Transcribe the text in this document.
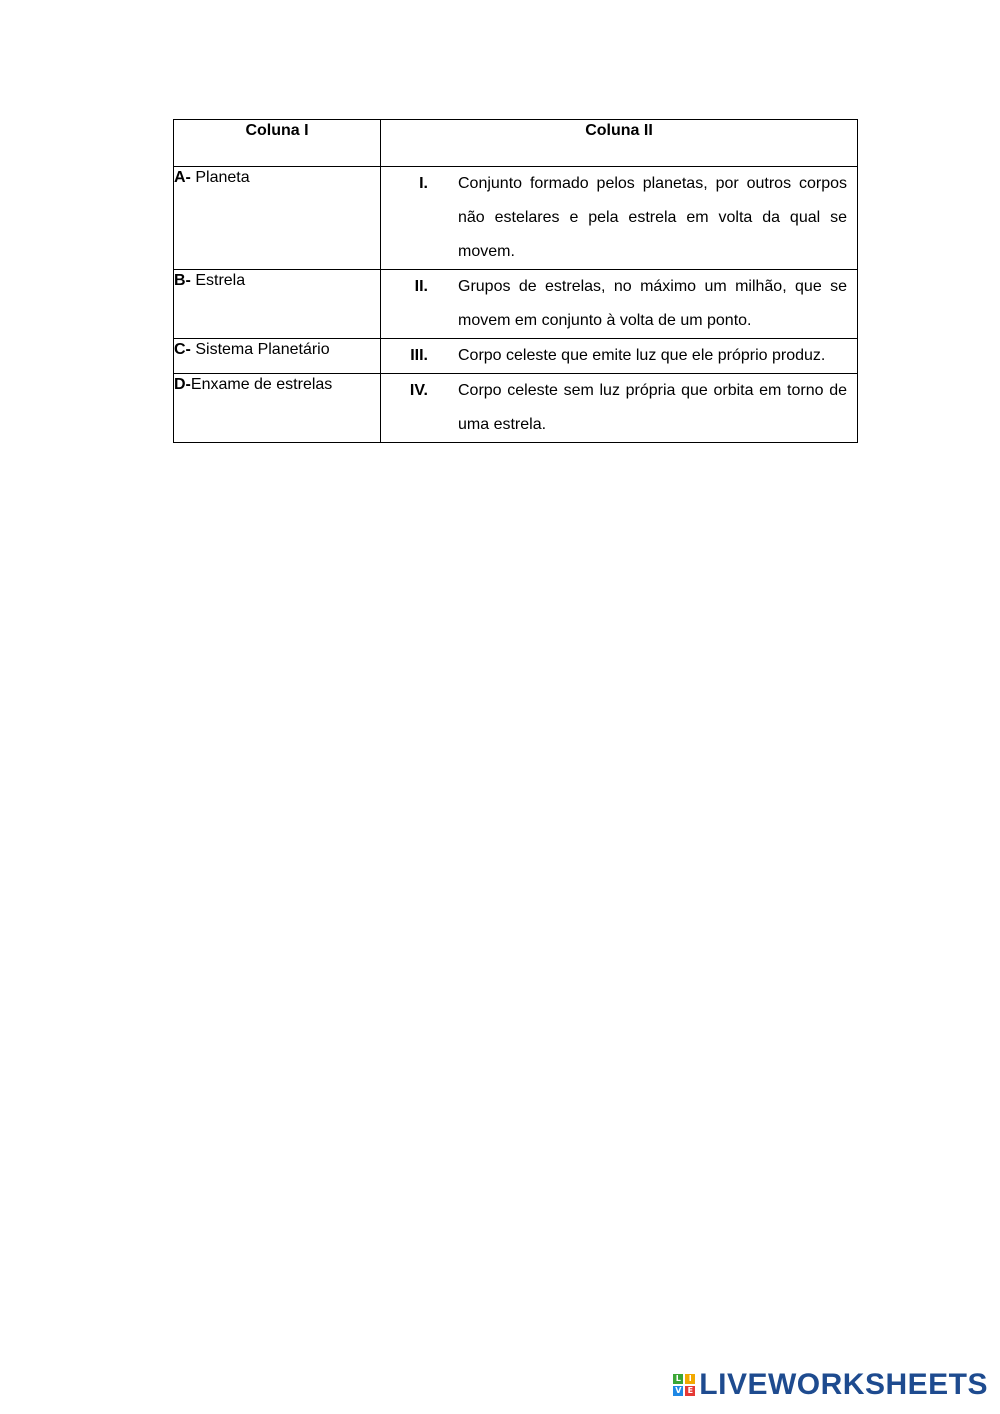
Coluna I	Coluna II
A- Planeta	I. Conjunto formado pelos planetas, por outros corpos não estelares e pela estrela em volta da qual se movem.

B- Estrela	II. Grupos de estrelas, no máximo um milhão, que se movem em conjunto à volta de um ponto.

C- Sistema Planetário	III. Corpo celeste que emite luz que ele próprio produz.

D-Enxame de estrelas	IV. Corpo celeste sem luz própria que orbita em torno de uma estrela.
L I
V E LIVEWORKSHEETS
